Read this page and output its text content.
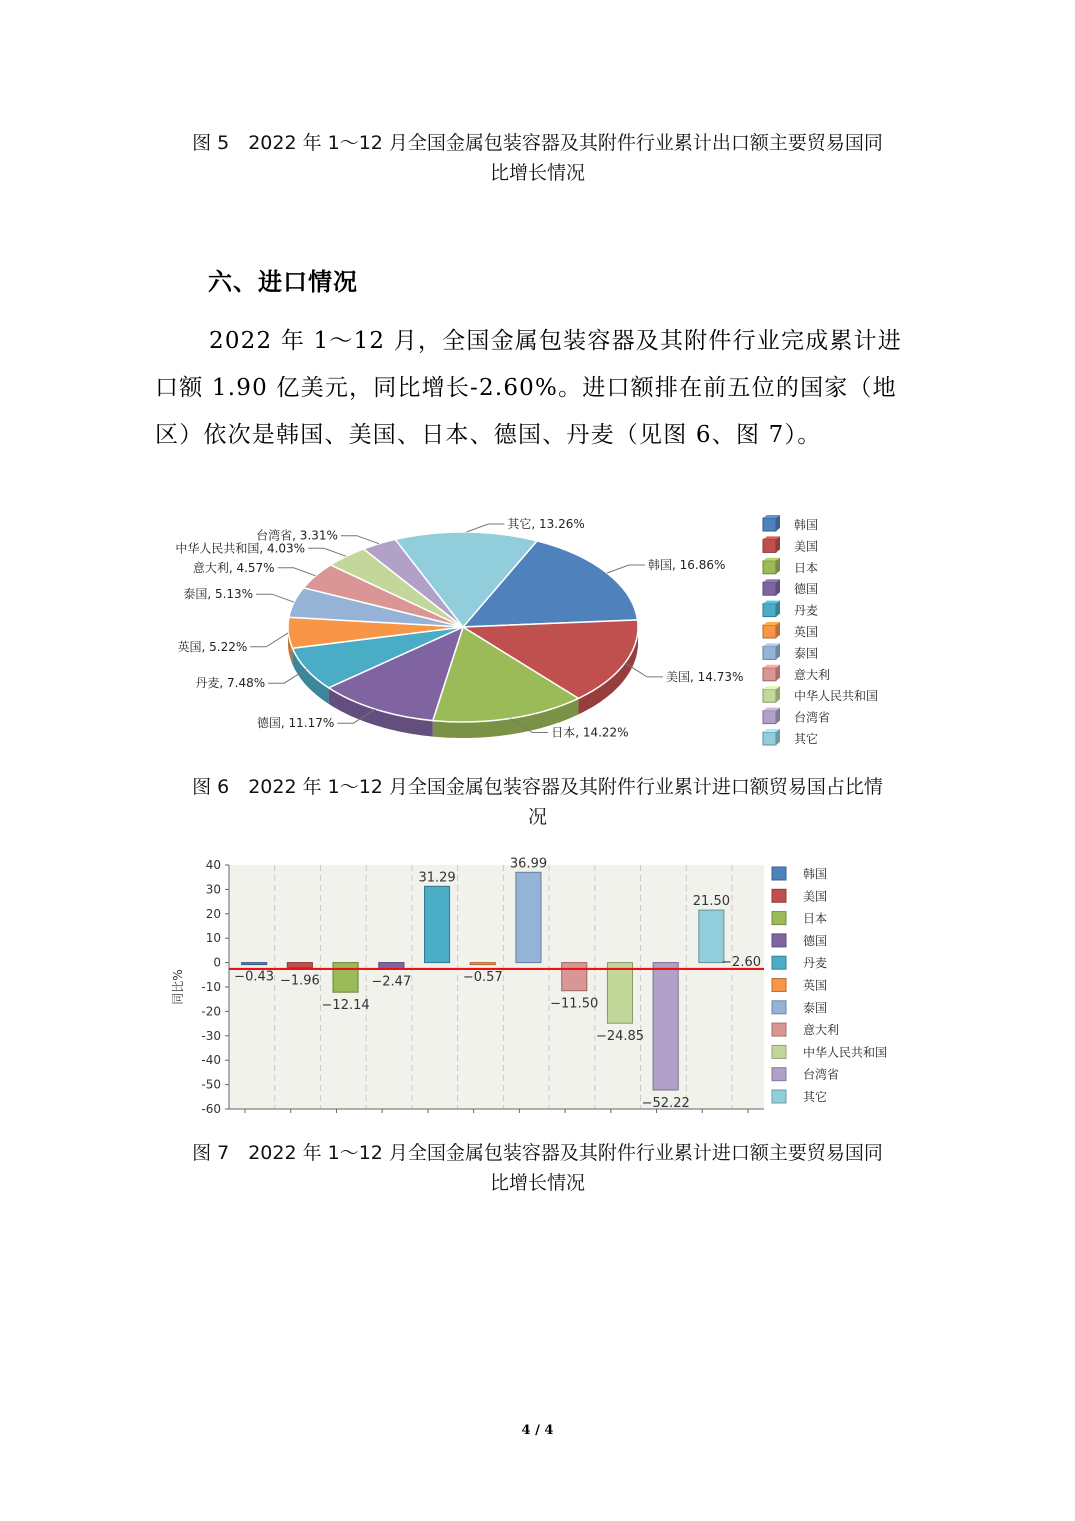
图 5　2022 年 1～12 月全国金属包装容器及其附件行业累计出口额主要贸易国同
比增长情况
六、进口情况

2022 年 1～12 月，全国金属包装容器及其附件行业完成累计进口额 1.90 亿美元，同比增长-2.60%。进口额排在前五位的国家（地区）依次是韩国、美国、日本、德国、丹麦（见图 6、图 7）。

韩国, 16.86%
美国, 14.73%
日本, 14.22%
德国, 11.17%
丹麦, 7.48%
英国, 5.22%
泰国, 5.13%
意大利, 4.57%
中华人民共和国, 4.03%
台湾省, 3.31%
其它, 13.26%	韩国
美国
日本
德国
丹麦
英国
泰国
意大利
中华人民共和国
台湾省
其它
图 6　2022 年 1～12 月全国金属包装容器及其附件行业累计进口额贸易国占比情
况
40
30
20
10
0
-10
-20
-30
-40
-50
-60
−2.60
−0.43 −1.96
−12.14
−2.47
31.29
−0.57
36.99
−11.50
−24.85
−52.22
21.50
韩国
美国
日本
德国
丹麦
英国
泰国
意大利
中华人民共和国
台湾省
其它
同比%
图 7　2022 年 1～12 月全国金属包装容器及其附件行业累计进口额主要贸易国同
比增长情况
4 / 4
